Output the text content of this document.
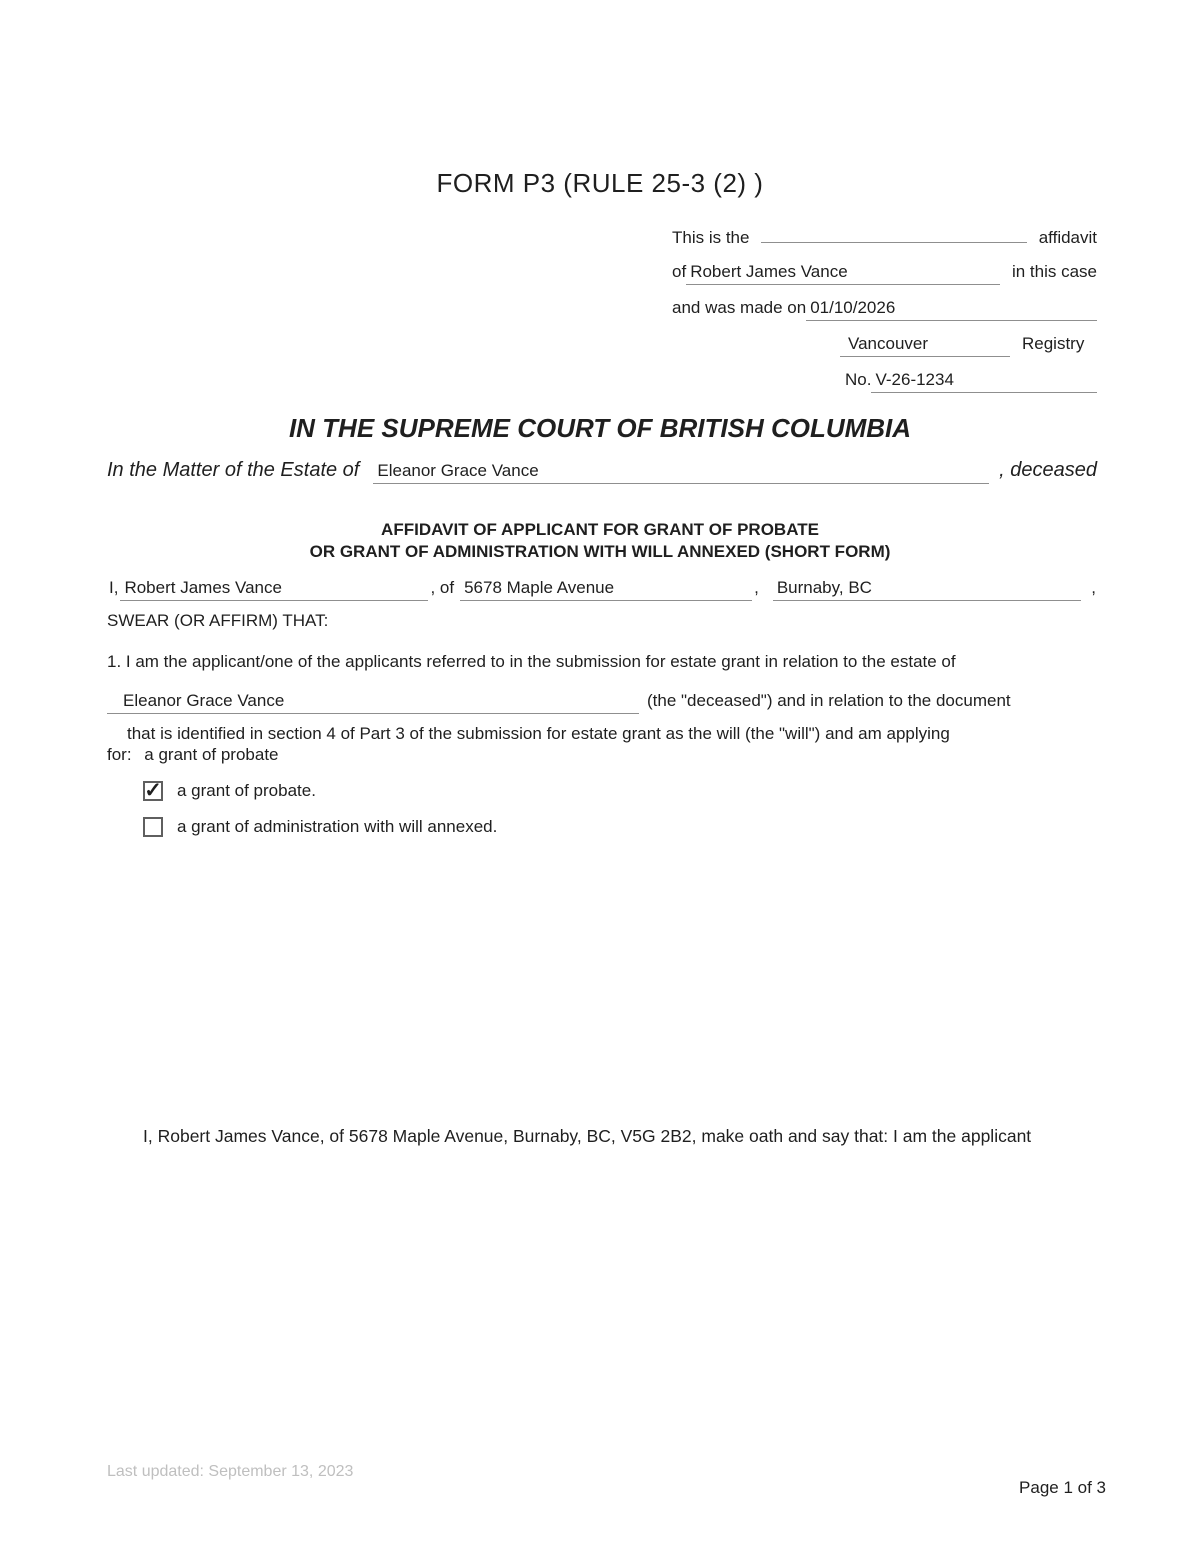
FORM P3 (RULE 25-3 (2) )
This is the	affidavit
of Robert James Vance	in this case
and was made on 01/10/2026
Vancouver	Registry
No. V-26-1234
IN THE SUPREME COURT OF BRITISH COLUMBIA
In the Matter of the Estate of Eleanor Grace Vance	, deceased
AFFIDAVIT OF APPLICANT FOR GRANT OF PROBATE
OR GRANT OF ADMINISTRATION WITH WILL ANNEXED (SHORT FORM)
I, Robert James Vance	, of 5678 Maple Avenue	, Burnaby, BC	,
SWEAR (OR AFFIRM) THAT:

1. I am the applicant/one of the applicants referred to in the submission for estate grant in relation to the estate of

Eleanor Grace Vance	(the "deceased") and in relation to the document

that is identified in section 4 of Part 3 of the submission for estate grant as the will (the "will") and am applying

for: a grant of probate

✓ a grant of probate.
a grant of administration with will annexed.
I, Robert James Vance, of 5678 Maple Avenue, Burnaby, BC, V5G 2B2, make oath and say that: I am the applicant
Last updated: September 13, 2023
Page 1 of 3
